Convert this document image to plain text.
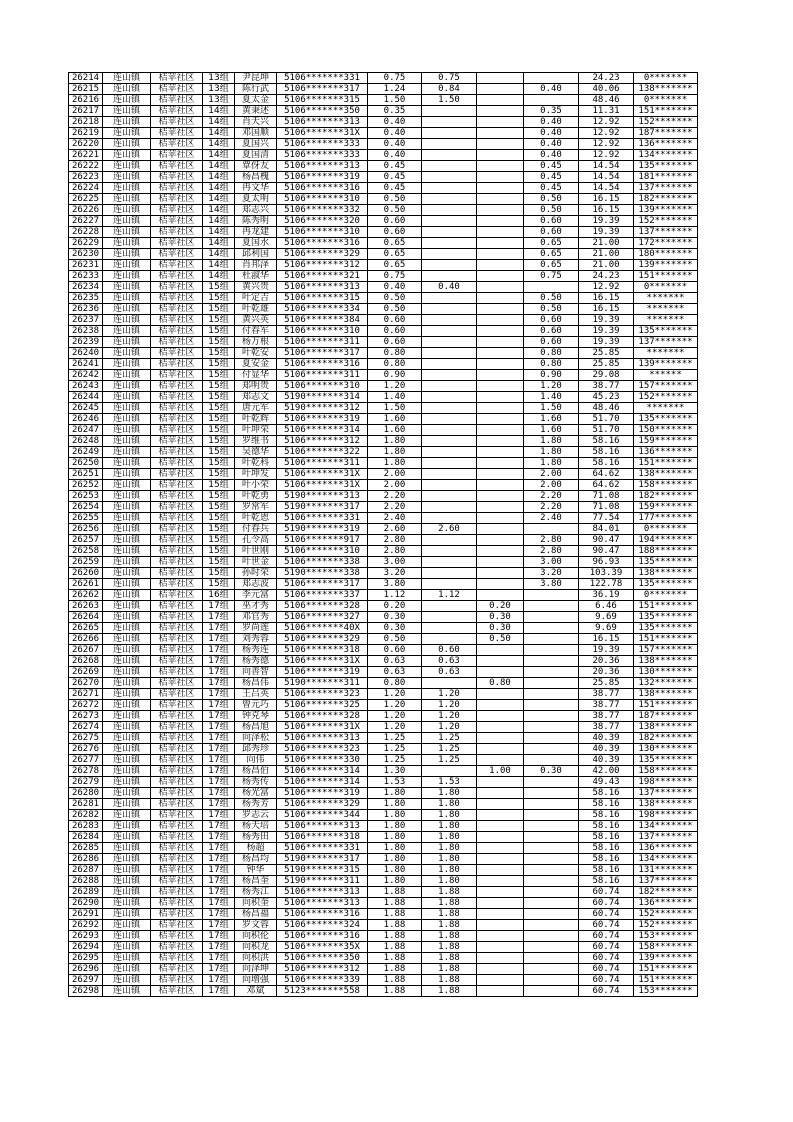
26214	连山镇	桔苹社区	13组	尹昆坤	5106*******331	0.75	0.75			24.23	0*******
26215	连山镇	桔苹社区	13组	陈行武	5106*******317	1.24	0.84		0.40	40.06	138*******
26216	连山镇	桔苹社区	13组	夏太金	5106*******315	1.50	1.50			48.46	0*******
26217	连山镇	桔苹社区	14组	黄秉述	5106*******350	0.35			0.35	11.31	151*******
26218	连山镇	桔苹社区	14组	肖天兴	5106*******313	0.40			0.40	12.92	152*******
26219	连山镇	桔苹社区	14组	邓国顺	5106*******31X	0.40			0.40	12.92	187*******
26220	连山镇	桔苹社区	14组	夏国兴	5106*******333	0.40			0.40	12.92	136*******
26221	连山镇	桔苹社区	14组	夏国清	5106*******333	0.40			0.40	12.92	134*******
26222	连山镇	桔苹社区	14组	覃伢友	5106*******313	0.45			0.45	14.54	135*******
26223	连山镇	桔苹社区	14组	杨昌槐	5106*******319	0.45			0.45	14.54	181*******
26224	连山镇	桔苹社区	14组	冉文华	5106*******316	0.45			0.45	14.54	137*******
26225	连山镇	桔苹社区	14组	夏太明	5106*******310	0.50			0.50	16.15	182*******
26226	连山镇	桔苹社区	14组	郑志兴	5106*******332	0.50			0.50	16.15	139*******
26227	连山镇	桔苹社区	14组	陈秀明	5106*******320	0.60			0.60	19.39	152*******
26228	连山镇	桔苹社区	14组	冉龙建	5106*******310	0.60			0.60	19.39	137*******
26229	连山镇	桔苹社区	14组	夏国水	5106*******316	0.65			0.65	21.00	172*******
26230	连山镇	桔苹社区	14组	邱利国	5106*******329	0.65			0.65	21.00	180*******
26231	连山镇	桔苹社区	14组	肖邦泽	5106*******312	0.65			0.65	21.00	139*******
26233	连山镇	桔苹社区	14组	杜淑华	5106*******321	0.75			0.75	24.23	151*******
26234	连山镇	桔苹社区	15组	黄兴贵	5106*******313	0.40	0.40			12.92	0*******
26235	连山镇	桔苹社区	15组	叶定吉	5106*******315	0.50			0.50	16.15	*******
26236	连山镇	桔苹社区	15组	叶乾雄	5106*******334	0.50			0.50	16.15	*******
26237	连山镇	桔苹社区	15组	黄兴英	5106*******384	0.60			0.60	19.39	*******
26238	连山镇	桔苹社区	15组	付春军	5106*******310	0.60			0.60	19.39	135*******
26239	连山镇	桔苹社区	15组	杨万根	5106*******311	0.60			0.60	19.39	137*******
26240	连山镇	桔苹社区	15组	叶乾安	5106*******317	0.80			0.80	25.85	*******
26241	连山镇	桔苹社区	15组	夏安金	5106*******316	0.80			0.80	25.85	139*******
26242	连山镇	桔苹社区	15组	付显华	5106*******311	0.90			0.90	29.08	******
26243	连山镇	桔苹社区	15组	郑明贵	5106*******310	1.20			1.20	38.77	157*******
26244	连山镇	桔苹社区	15组	郑志文	5190*******314	1.40			1.40	45.23	152*******
26245	连山镇	桔苹社区	15组	唐元军	5190*******312	1.50			1.50	48.46	*******
26246	连山镇	桔苹社区	15组	叶乾辉	5106*******319	1.60			1.60	51.70	135*******
26247	连山镇	桔苹社区	15组	叶坤荣	5106*******314	1.60			1.60	51.70	150*******
26248	连山镇	桔苹社区	15组	罗维书	5106*******312	1.80			1.80	58.16	159*******
26249	连山镇	桔苹社区	15组	吴德华	5106*******322	1.80			1.80	58.16	136*******
26250	连山镇	桔苹社区	15组	叶乾科	5106*******311	1.80			1.80	58.16	151*******
26251	连山镇	桔苹社区	15组	叶坤发	5106*******31X	2.00			2.00	64.62	138*******
26252	连山镇	桔苹社区	15组	叶小荣	5106*******31X	2.00			2.00	64.62	158*******
26253	连山镇	桔苹社区	15组	叶乾勇	5190*******313	2.20			2.20	71.08	182*******
26254	连山镇	桔苹社区	15组	罗常军	5190*******317	2.20			2.20	71.08	159*******
26255	连山镇	桔苹社区	15组	叶乾恩	5106*******331	2.40			2.40	77.54	177*******
26256	连山镇	桔苹社区	15组	付春兵	5190*******319	2.60	2.60			84.01	0*******
26257	连山镇	桔苹社区	15组	孔令高	5106*******917	2.80			2.80	90.47	194*******
26258	连山镇	桔苹社区	15组	叶世刚	5106*******310	2.80			2.80	90.47	188*******
26259	连山镇	桔苹社区	15组	叶世金	5106*******338	3.00			3.00	96.93	135*******
26260	连山镇	桔苹社区	15组	孙时荣	5190*******338	3.20			3.20	103.39	138*******
26261	连山镇	桔苹社区	15组	郑志波	5106*******317	3.80			3.80	122.78	135*******
26262	连山镇	桔苹社区	16组	李元富	5106*******337	1.12	1.12			36.19	0*******
26263	连山镇	桔苹社区	17组	巫才秀	5106*******328	0.20		0.20		6.46	151*******
26264	连山镇	桔苹社区	17组	邓官秀	5106*******327	0.30		0.30		9.69	135*******
26265	连山镇	桔苹社区	17组	罗尚莲	5106*******40X	0.30		0.30		9.69	135*******
26266	连山镇	桔苹社区	17组	刘秀蓉	5106*******329	0.50		0.50		16.15	151*******
26267	连山镇	桔苹社区	17组	杨秀连	5106*******318	0.60	0.60			19.39	157*******
26268	连山镇	桔苹社区	17组	杨秀德	5106*******31X	0.63	0.63			20.36	138*******
26269	连山镇	桔苹社区	17组	向善智	5106*******319	0.63	0.63			20.36	130*******
26270	连山镇	桔苹社区	17组	杨昌伟	5190*******311	0.80		0.80		25.85	132*******
26271	连山镇	桔苹社区	17组	王吕英	5106*******323	1.20	1.20			38.77	138*******
26272	连山镇	桔苹社区	17组	曾元巧	5106*******325	1.20	1.20			38.77	151*******
26273	连山镇	桔苹社区	17组	钟克琴	5106*******328	1.20	1.20			38.77	187*******
26274	连山镇	桔苹社区	17组	杨昌旭	5106*******31X	1.20	1.20			38.77	138*******
26275	连山镇	桔苹社区	17组	向泽松	5106*******313	1.25	1.25			40.39	182*******
26276	连山镇	桔苹社区	17组	邱秀珍	5106*******323	1.25	1.25			40.39	130*******
26277	连山镇	桔苹社区	17组	向伟	5106*******330	1.25	1.25			40.39	135*******
26278	连山镇	桔苹社区	17组	杨昌伯	5106*******314	1.30		1.00	0.30	42.00	158*******
26279	连山镇	桔苹社区	17组	杨秀传	5106*******314	1.53	1.53			49.43	198*******
26280	连山镇	桔苹社区	17组	杨光富	5106*******319	1.80	1.80			58.16	137*******
26281	连山镇	桔苹社区	17组	杨秀芳	5106*******329	1.80	1.80			58.16	138*******
26282	连山镇	桔苹社区	17组	罗志云	5106*******344	1.80	1.80			58.16	198*******
26283	连山镇	桔苹社区	17组	杨天培	5106*******313	1.80	1.80			58.16	134*******
26284	连山镇	桔苹社区	17组	杨秀田	5106*******318	1.80	1.80			58.16	137*******
26285	连山镇	桔苹社区	17组	杨超	5106*******331	1.80	1.80			58.16	136*******
26286	连山镇	桔苹社区	17组	杨昌均	5190*******317	1.80	1.80			58.16	134*******
26287	连山镇	桔苹社区	17组	钟华	5190*******315	1.80	1.80			58.16	131*******
26288	连山镇	桔苹社区	17组	杨昌奎	5190*******311	1.80	1.80			58.16	137*******
26289	连山镇	桔苹社区	17组	杨秀江	5106*******313	1.88	1.88			60.74	182*******
26290	连山镇	桔苹社区	17组	向积奎	5106*******313	1.88	1.88			60.74	136*******
26291	连山镇	桔苹社区	17组	杨昌福	5106*******316	1.88	1.88			60.74	152*******
26292	连山镇	桔苹社区	17组	罗文蓉	5106*******324	1.88	1.88			60.74	152*******
26293	连山镇	桔苹社区	17组	向积伦	5106*******316	1.88	1.88			60.74	153*******
26294	连山镇	桔苹社区	17组	向积龙	5106*******35X	1.88	1.88			60.74	158*******
26295	连山镇	桔苹社区	17组	向积洪	5106*******350	1.88	1.88			60.74	139*******
26296	连山镇	桔苹社区	17组	向泽坤	5106*******312	1.88	1.88			60.74	151*******
26297	连山镇	桔苹社区	17组	向增强	5106*******339	1.88	1.88			60.74	151*******
26298	连山镇	桔苹社区	17组	邓斌	5123*******558	1.88	1.88			60.74	153*******
